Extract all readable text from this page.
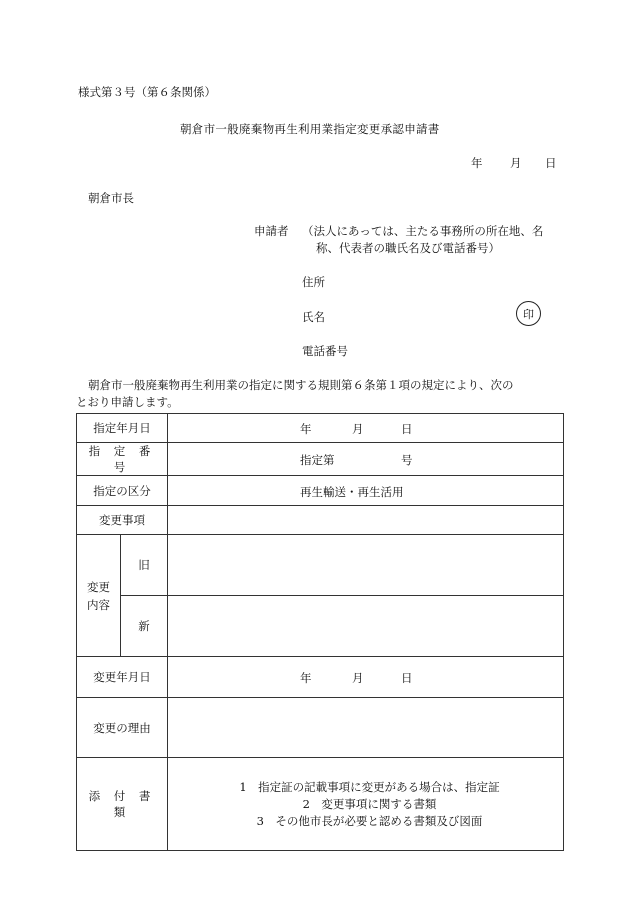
様式第３号（第６条関係）
朝倉市一般廃棄物再生利用業指定変更承認申請書
年 月 日
朝倉市長
申請者 （法人にあっては、主たる事務所の所在地、名
称、代表者の職氏名及び電話番号）
住所
氏名	印
電話番号
朝倉市一般廃棄物再生利用業の指定に関する規則第６条第１項の規定により、次の
とおり申請します。
指定年月日		年 月 日

指 定 番 号		指定第 号

指定の区分		再生輸送・再生活用

変更事項		

変更
内容	旧	
	新	
変更年月日		年 月 日

変更の理由		
添 付 書 類		1　指定証の記載事項に変更がある場合は、指定証
2　変更事項に関する書類
3　その他市長が必要と認める書類及び図面
